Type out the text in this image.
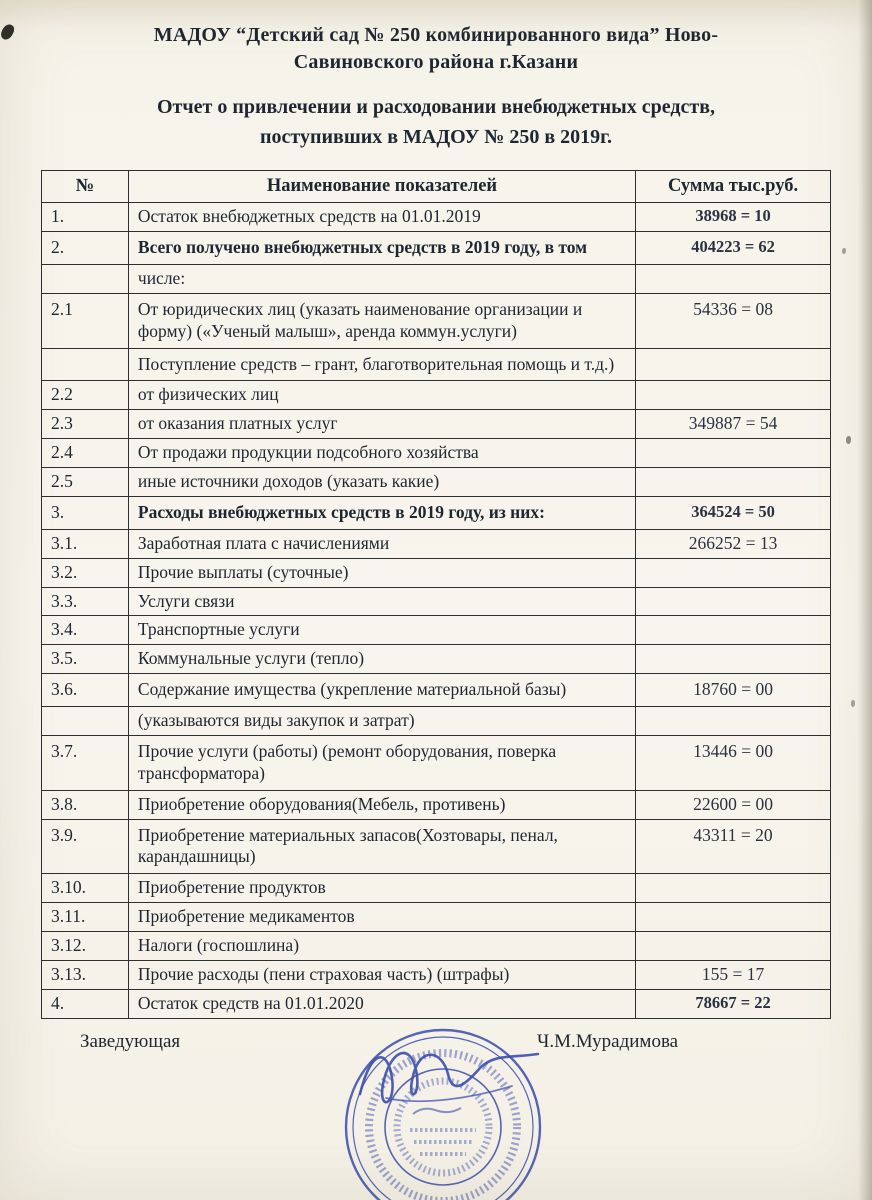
МАДОУ “Детский сад № 250 комбинированного вида” Ново-Савиновского района г.Казани
Отчет о привлечении и расходовании внебюджетных средств, поступивших в МАДОУ № 250 в 2019г.
№	Наименование показателей	Сумма тыс.руб.
1.	Остаток внебюджетных средств на 01.01.2019	38968 = 10
2.	Всего получено внебюджетных средств в 2019 году, в том	404223 = 62
	числе:	
2.1	От юридических лиц (указать наименование организации и форму) («Ученый малыш», аренда коммун.услуги)	54336 = 08
	Поступление средств – грант, благотворительная помощь и т.д.)	
2.2	от физических лиц	
2.3	от оказания платных услуг	349887 = 54
2.4	От продажи продукции подсобного хозяйства	
2.5	иные источники доходов (указать какие)	
3.	Расходы внебюджетных средств в 2019 году, из них:	364524 = 50
3.1.	Заработная плата с начислениями	266252 = 13
3.2.	Прочие выплаты (суточные)	
3.3.	Услуги связи	
3.4.	Транспортные услуги	
3.5.	Коммунальные услуги (тепло)	
3.6.	Содержание имущества (укрепление материальной базы)	18760 = 00
	(указываются виды закупок и затрат)	
3.7.	Прочие услуги (работы) (ремонт оборудования, поверка трансформатора)	13446 = 00
3.8.	Приобретение оборудования(Мебель, противень)	22600 = 00
3.9.	Приобретение материальных запасов(Хозтовары, пенал, карандашницы)	43311 = 20
3.10.	Приобретение продуктов	
3.11.	Приобретение медикаментов	
3.12.	Налоги (госпошлина)	
3.13.	Прочие расходы (пени страховая часть) (штрафы)	155 = 17
4.	Остаток средств на 01.01.2020	78667 = 22
Заведующая	Ч.М.Мурадимова
